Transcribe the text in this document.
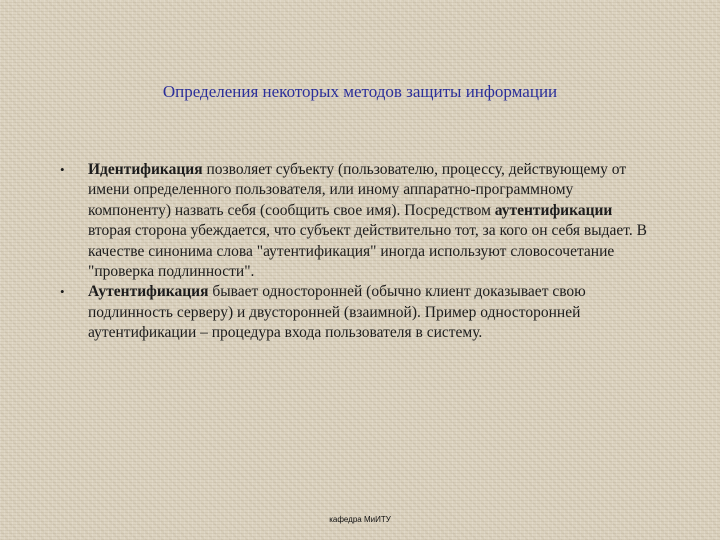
Определения некоторых методов защиты информации
• Идентификация позволяет субъекту (пользователю, процессу, действующему от имени определенного пользователя, или иному аппаратно-программному компоненту) назвать себя (сообщить свое имя). Посредством аутентификации вторая сторона убеждается, что субъект действительно тот, за кого он себя выдает. В качестве синонима слова "аутентификация" иногда используют словосочетание "проверка подлинности".
• Аутентификация бывает односторонней (обычно клиент доказывает свою подлинность серверу) и двусторонней (взаимной). Пример односторонней аутентификации – процедура входа пользователя в систему.
кафедра МиИТУ
